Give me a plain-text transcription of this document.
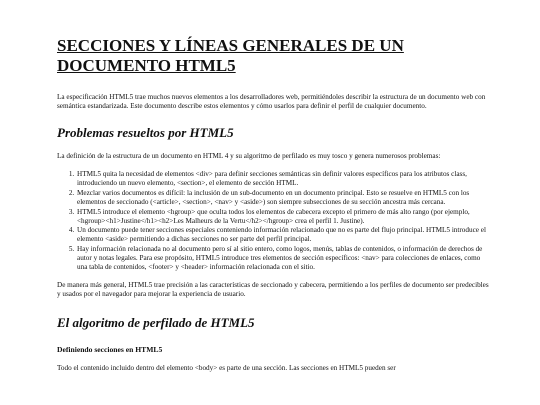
SECCIONES Y LÍNEAS GENERALES DE UN DOCUMENTO HTML5

La especificación HTML5 trae muchos nuevos elementos a los desarrolladores web, permitiéndoles describir la estructura de un documento web con semántica estandarizada. Este documento describe estos elementos y cómo usarlos para definir el perfil de cualquier documento.

Problemas resueltos por HTML5

La definición de la estructura de un documento en HTML 4 y su algoritmo de perfilado es muy tosco y genera numerosos problemas:

1. HTML5 quita la necesidad de elementos <div> para definir secciones semánticas sin definir valores específicos para los atributos class, introduciendo un nuevo elemento, <section>, el elemento de sección HTML.
2. Mezclar varios documentos es difícil: la inclusión de un sub-documento en un documento principal. Esto se resuelve en HTML5 con los elementos de seccionado (<article>, <section>, <nav> y <aside>) son siempre subsecciones de su sección ancestra más cercana.
3. HTML5 introduce el elemento <hgroup> que oculta todos los elementos de cabecera excepto el primero de más alto rango (por ejemplo, <hgroup><h1>Justine</h1><h2>Les Malheurs de la Vertu</h2></hgroup> crea el perfil 1. Justine).
4. Un documento puede tener secciones especiales conteniendo información relacionado que no es parte del flujo principal. HTML5 introduce el elemento <aside> permitiendo a dichas secciones no ser parte del perfil principal.
5. Hay información relacionada no al documento pero sí al sitio entero, como logos, menús, tablas de contenidos, o información de derechos de autor y notas legales. Para ese propósito, HTML5 introduce tres elementos de sección específicos: <nav> para colecciones de enlaces, como una tabla de contenidos, <footer> y <header> información relacionada con el sitio.

De manera más general, HTML5 trae precisión a las características de seccionado y cabecera, permitiendo a los perfiles de documento ser predecibles y usados por el navegador para mejorar la experiencia de usuario.

El algoritmo de perfilado de HTML5
Definiendo secciones en HTML5

Todo el contenido incluido dentro del elemento <body> es parte de una sección. Las secciones en HTML5 pueden ser
